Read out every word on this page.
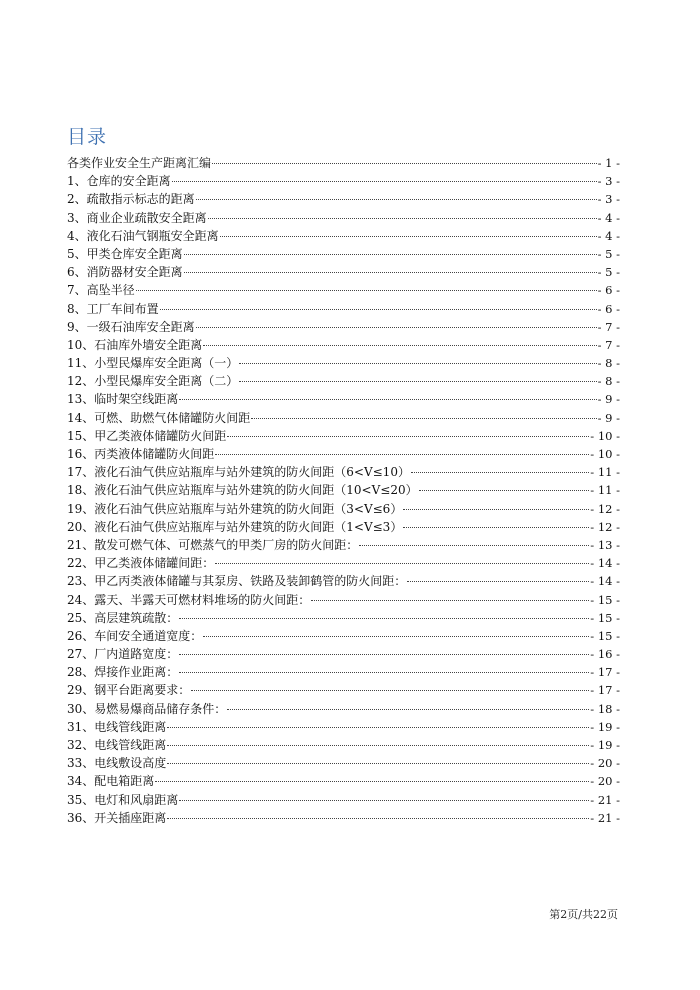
目录
各类作业安全生产距离汇编	- 1 -
1、仓库的安全距离	- 3 -
2、疏散指示标志的距离	- 3 -
3、商业企业疏散安全距离	- 4 -
4、液化石油气钢瓶安全距离	- 4 -
5、甲类仓库安全距离	- 5 -
6、消防器材安全距离	- 5 -
7、高坠半径	- 6 -
8、工厂车间布置	- 6 -
9、一级石油库安全距离	- 7 -
10、石油库外墙安全距离	- 7 -
11、小型民爆库安全距离（一）	- 8 -
12、小型民爆库安全距离（二）	- 8 -
13、临时架空线距离	- 9 -
14、可燃、助燃气体储罐防火间距	- 9 -
15、甲乙类液体储罐防火间距	- 10 -
16、丙类液体储罐防火间距	- 10 -
17、液化石油气供应站瓶库与站外建筑的防火间距（6<V≤10）	- 11 -
18、液化石油气供应站瓶库与站外建筑的防火间距（10<V≤20）	- 11 -
19、液化石油气供应站瓶库与站外建筑的防火间距（3<V≤6）	- 12 -
20、液化石油气供应站瓶库与站外建筑的防火间距（1<V≤3）	- 12 -
21、散发可燃气体、可燃蒸气的甲类厂房的防火间距：	- 13 -
22、甲乙类液体储罐间距：	- 14 -
23、甲乙丙类液体储罐与其泵房、铁路及装卸鹤管的防火间距：	- 14 -
24、露天、半露天可燃材料堆场的防火间距：	- 15 -
25、高层建筑疏散：	- 15 -
26、车间安全通道宽度：	- 15 -
27、厂内道路宽度：	- 16 -
28、焊接作业距离：	- 17 -
29、钢平台距离要求：	- 17 -
30、易燃易爆商品储存条件：	- 18 -
31、电线管线距离	- 19 -
32、电线管线距离	- 19 -
33、电线敷设高度	- 20 -
34、配电箱距离	- 20 -
35、电灯和风扇距离	- 21 -
36、开关插座距离	- 21 -
第2页/共22页
